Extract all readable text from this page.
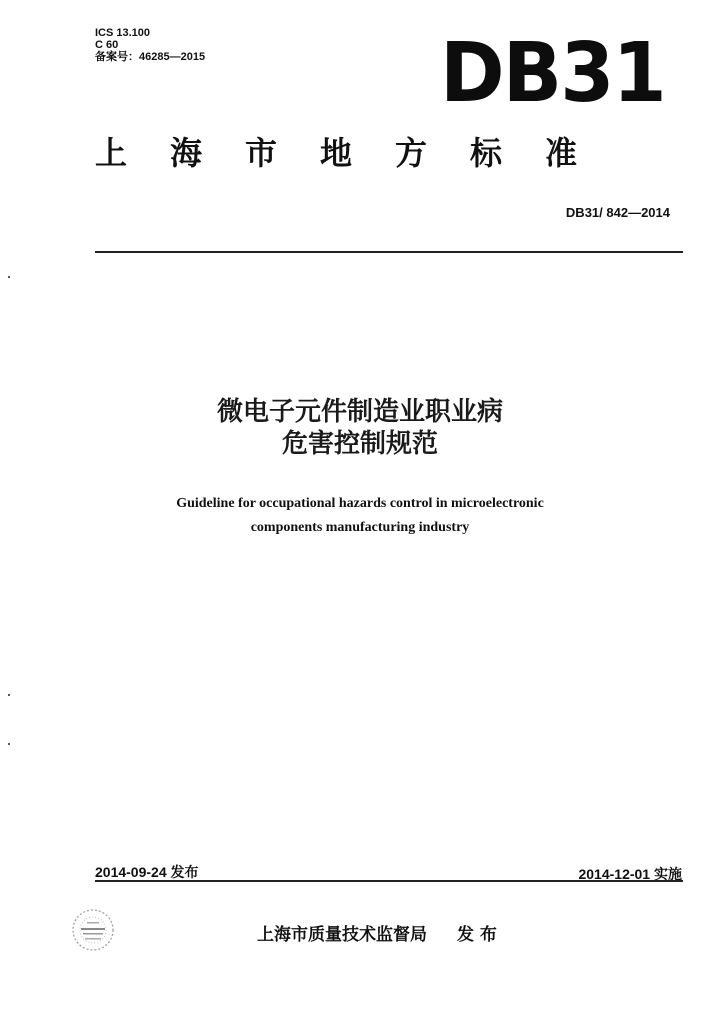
ICS 13.100
C 60
备案号：46285—2015	DB31
上海市地方标准
DB31/ 842—2014
微电子元件制造业职业病
危害控制规范
Guideline for occupational hazards control in microelectronic
components manufacturing industry
2014-09-24 发布	2014-12-01 实施
上海市质量技术监督局 发 布
